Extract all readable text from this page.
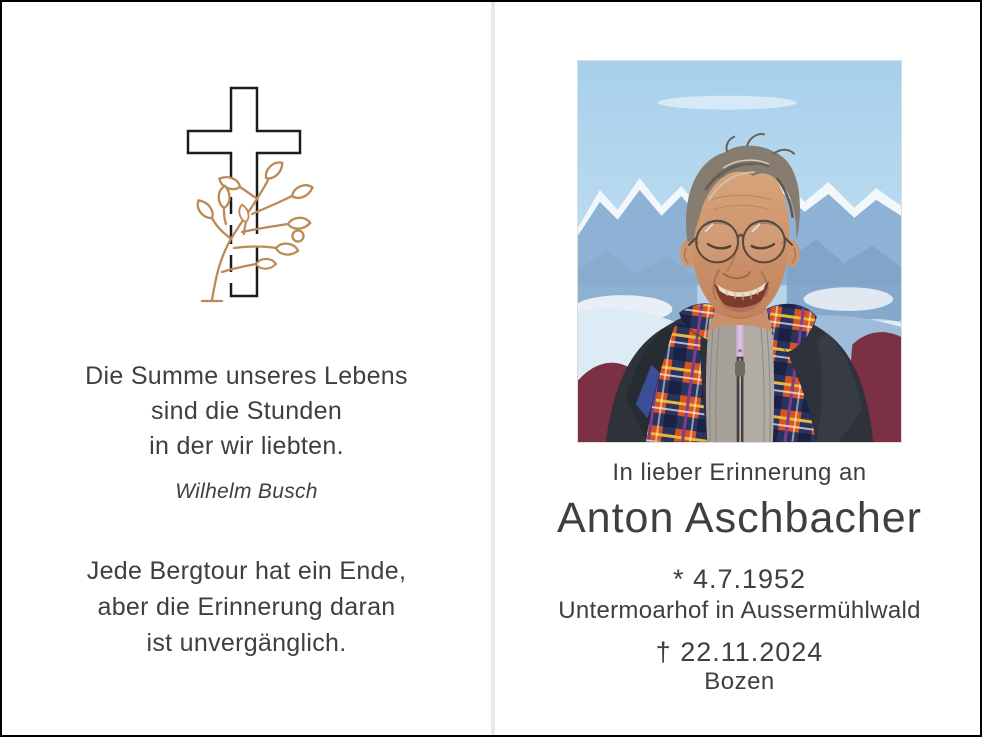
Die Summe unseres Lebens
sind die Stunden
in der wir liebten.
Wilhelm Busch
Jede Bergtour hat ein Ende,
aber die Erinnerung daran
ist unvergänglich.
In lieber Erinnerung an
Anton Aschbacher
* 4.7.1952
Untermoarhof in Aussermühlwald
† 22.11.2024
Bozen
